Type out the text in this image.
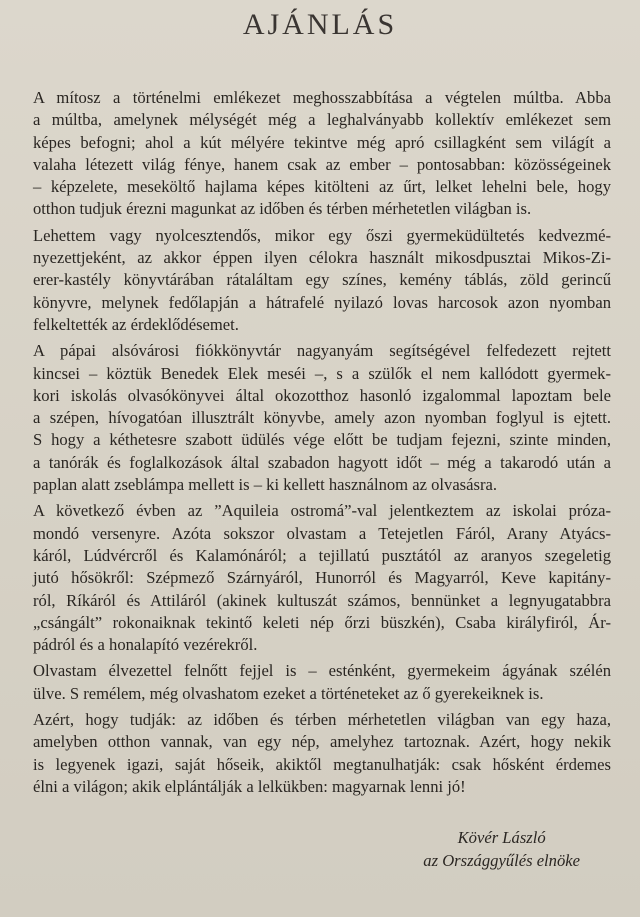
AJÁNLÁS
A mítosz a történelmi emlékezet meghosszabbítása a végtelen múltba. Abba
a múltba, amelynek mélységét még a leghalványabb kollektív emlékezet sem
képes befogni; ahol a kút mélyére tekintve még apró csillagként sem világít a
valaha létezett világ fénye, hanem csak az ember – pontosabban: közösségeinek
– képzelete, meseköltő hajlama képes kitölteni az űrt, lelket lehelni bele, hogy
otthon tudjuk érezni magunkat az időben és térben mérhetetlen világban is.
Lehettem vagy nyolcesztendős, mikor egy őszi gyermeküdültetés kedvezmé-
nyezettjeként, az akkor éppen ilyen célokra használt mikosdpusztai Mikos-Zi-
erer-kastély könyvtárában rátaláltam egy színes, kemény táblás, zöld gerincű
könyvre, melynek fedőlapján a hátrafelé nyilazó lovas harcosok azon nyomban
felkeltették az érdeklődésemet.
A pápai alsóvárosi fiókkönyvtár nagyanyám segítségével felfedezett rejtett
kincsei – köztük Benedek Elek meséi –, s a szülők el nem kallódott gyermek-
kori iskolás olvasókönyvei által okozotthoz hasonló izgalommal lapoztam bele
a szépen, hívogatóan illusztrált könyvbe, amely azon nyomban foglyul is ejtett.
S hogy a kéthetesre szabott üdülés vége előtt be tudjam fejezni, szinte minden,
a tanórák és foglalkozások által szabadon hagyott időt – még a takarodó után a
paplan alatt zseblámpa mellett is – ki kellett használnom az olvasásra.
A következő évben az ”Aquileia ostromá”-val jelentkeztem az iskolai próza-
mondó versenyre. Azóta sokszor olvastam a Tetejetlen Fáról, Arany Atyács-
káról, Lúdvércről és Kalamónáról; a tejillatú pusztától az aranyos szegeletig
jutó hősökről: Szépmező Szárnyáról, Hunorról és Magyarról, Keve kapitány-
ról, Ríkáról és Attiláról (akinek kultuszát számos, bennünket a legnyugatabbra
„csángált” rokonaiknak tekintő keleti nép őrzi büszkén), Csaba királyfiról, Ár-
pádról és a honalapító vezérekről.
Olvastam élvezettel felnőtt fejjel is – esténként, gyermekeim ágyának szélén
ülve. S remélem, még olvashatom ezeket a történeteket az ő gyerekeiknek is.
Azért, hogy tudják: az időben és térben mérhetetlen világban van egy haza,
amelyben otthon vannak, van egy nép, amelyhez tartoznak. Azért, hogy nekik
is legyenek igazi, saját hőseik, akiktől megtanulhatják: csak hősként érdemes
élni a világon; akik elplántálják a lelkükben: magyarnak lenni jó!
Kövér László
az Országgyűlés elnöke
